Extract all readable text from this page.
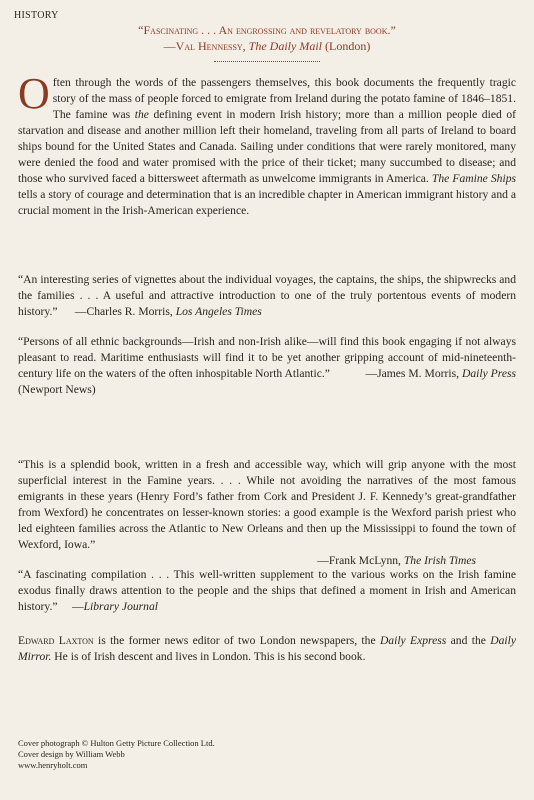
HISTORY
“Fascinating . . . An engrossing and revelatory book.”
—Val Hennessy, The Daily Mail (London)

Often through the words of the passengers themselves, this book documents the frequently tragic story of the mass of people forced to emigrate from Ireland during the potato famine of 1846–1851. The famine was the defining event in modern Irish history; more than a million people died of starvation and disease and another million left their homeland, traveling from all parts of Ireland to board ships bound for the United States and Canada. Sailing under conditions that were rarely monitored, many were denied the food and water promised with the price of their ticket; many succumbed to disease; and those who survived faced a bittersweet aftermath as unwelcome immigrants in America. The Famine Ships tells a story of courage and determination that is an incredible chapter in American immigrant history and a crucial moment in the Irish-American experience.

“An interesting series of vignettes about the individual voyages, the captains, the ships, the shipwrecks and the families . . . A useful and attractive introduction to one of the truly portentous events of modern history.” —Charles R. Morris, Los Angeles Times

“Persons of all ethnic backgrounds—Irish and non-Irish alike—will find this book engaging if not always pleasant to read. Maritime enthusiasts will find it to be yet another gripping account of mid-nineteenth-century life on the waters of the often inhospitable North Atlantic.”	—James M. Morris, Daily Press (Newport News)

“This is a splendid book, written in a fresh and accessible way, which will grip anyone with the most superficial interest in the Famine years. . . . While not avoiding the narratives of the most famous emigrants in these years (Henry Ford’s father from Cork and President J. F. Kennedy’s great-grandfather from Wexford) he concentrates on lesser-known stories: a good example is the Wexford parish priest who led eighteen families across the Atlantic to New Orleans and then up the Mississippi to found the town of Wexford, Iowa.”
—Frank McLynn, The Irish Times

“A fascinating compilation . . . This well-written supplement to the various works on the Irish famine exodus finally draws attention to the people and the ships that defined a moment in Irish and American history.” —Library Journal

Edward Laxton is the former news editor of two London newspapers, the Daily Express and the Daily Mirror. He is of Irish descent and lives in London. This is his second book.

Cover photograph © Hulton Getty Picture Collection Ltd.
Cover design by William Webb
www.henryholt.com
